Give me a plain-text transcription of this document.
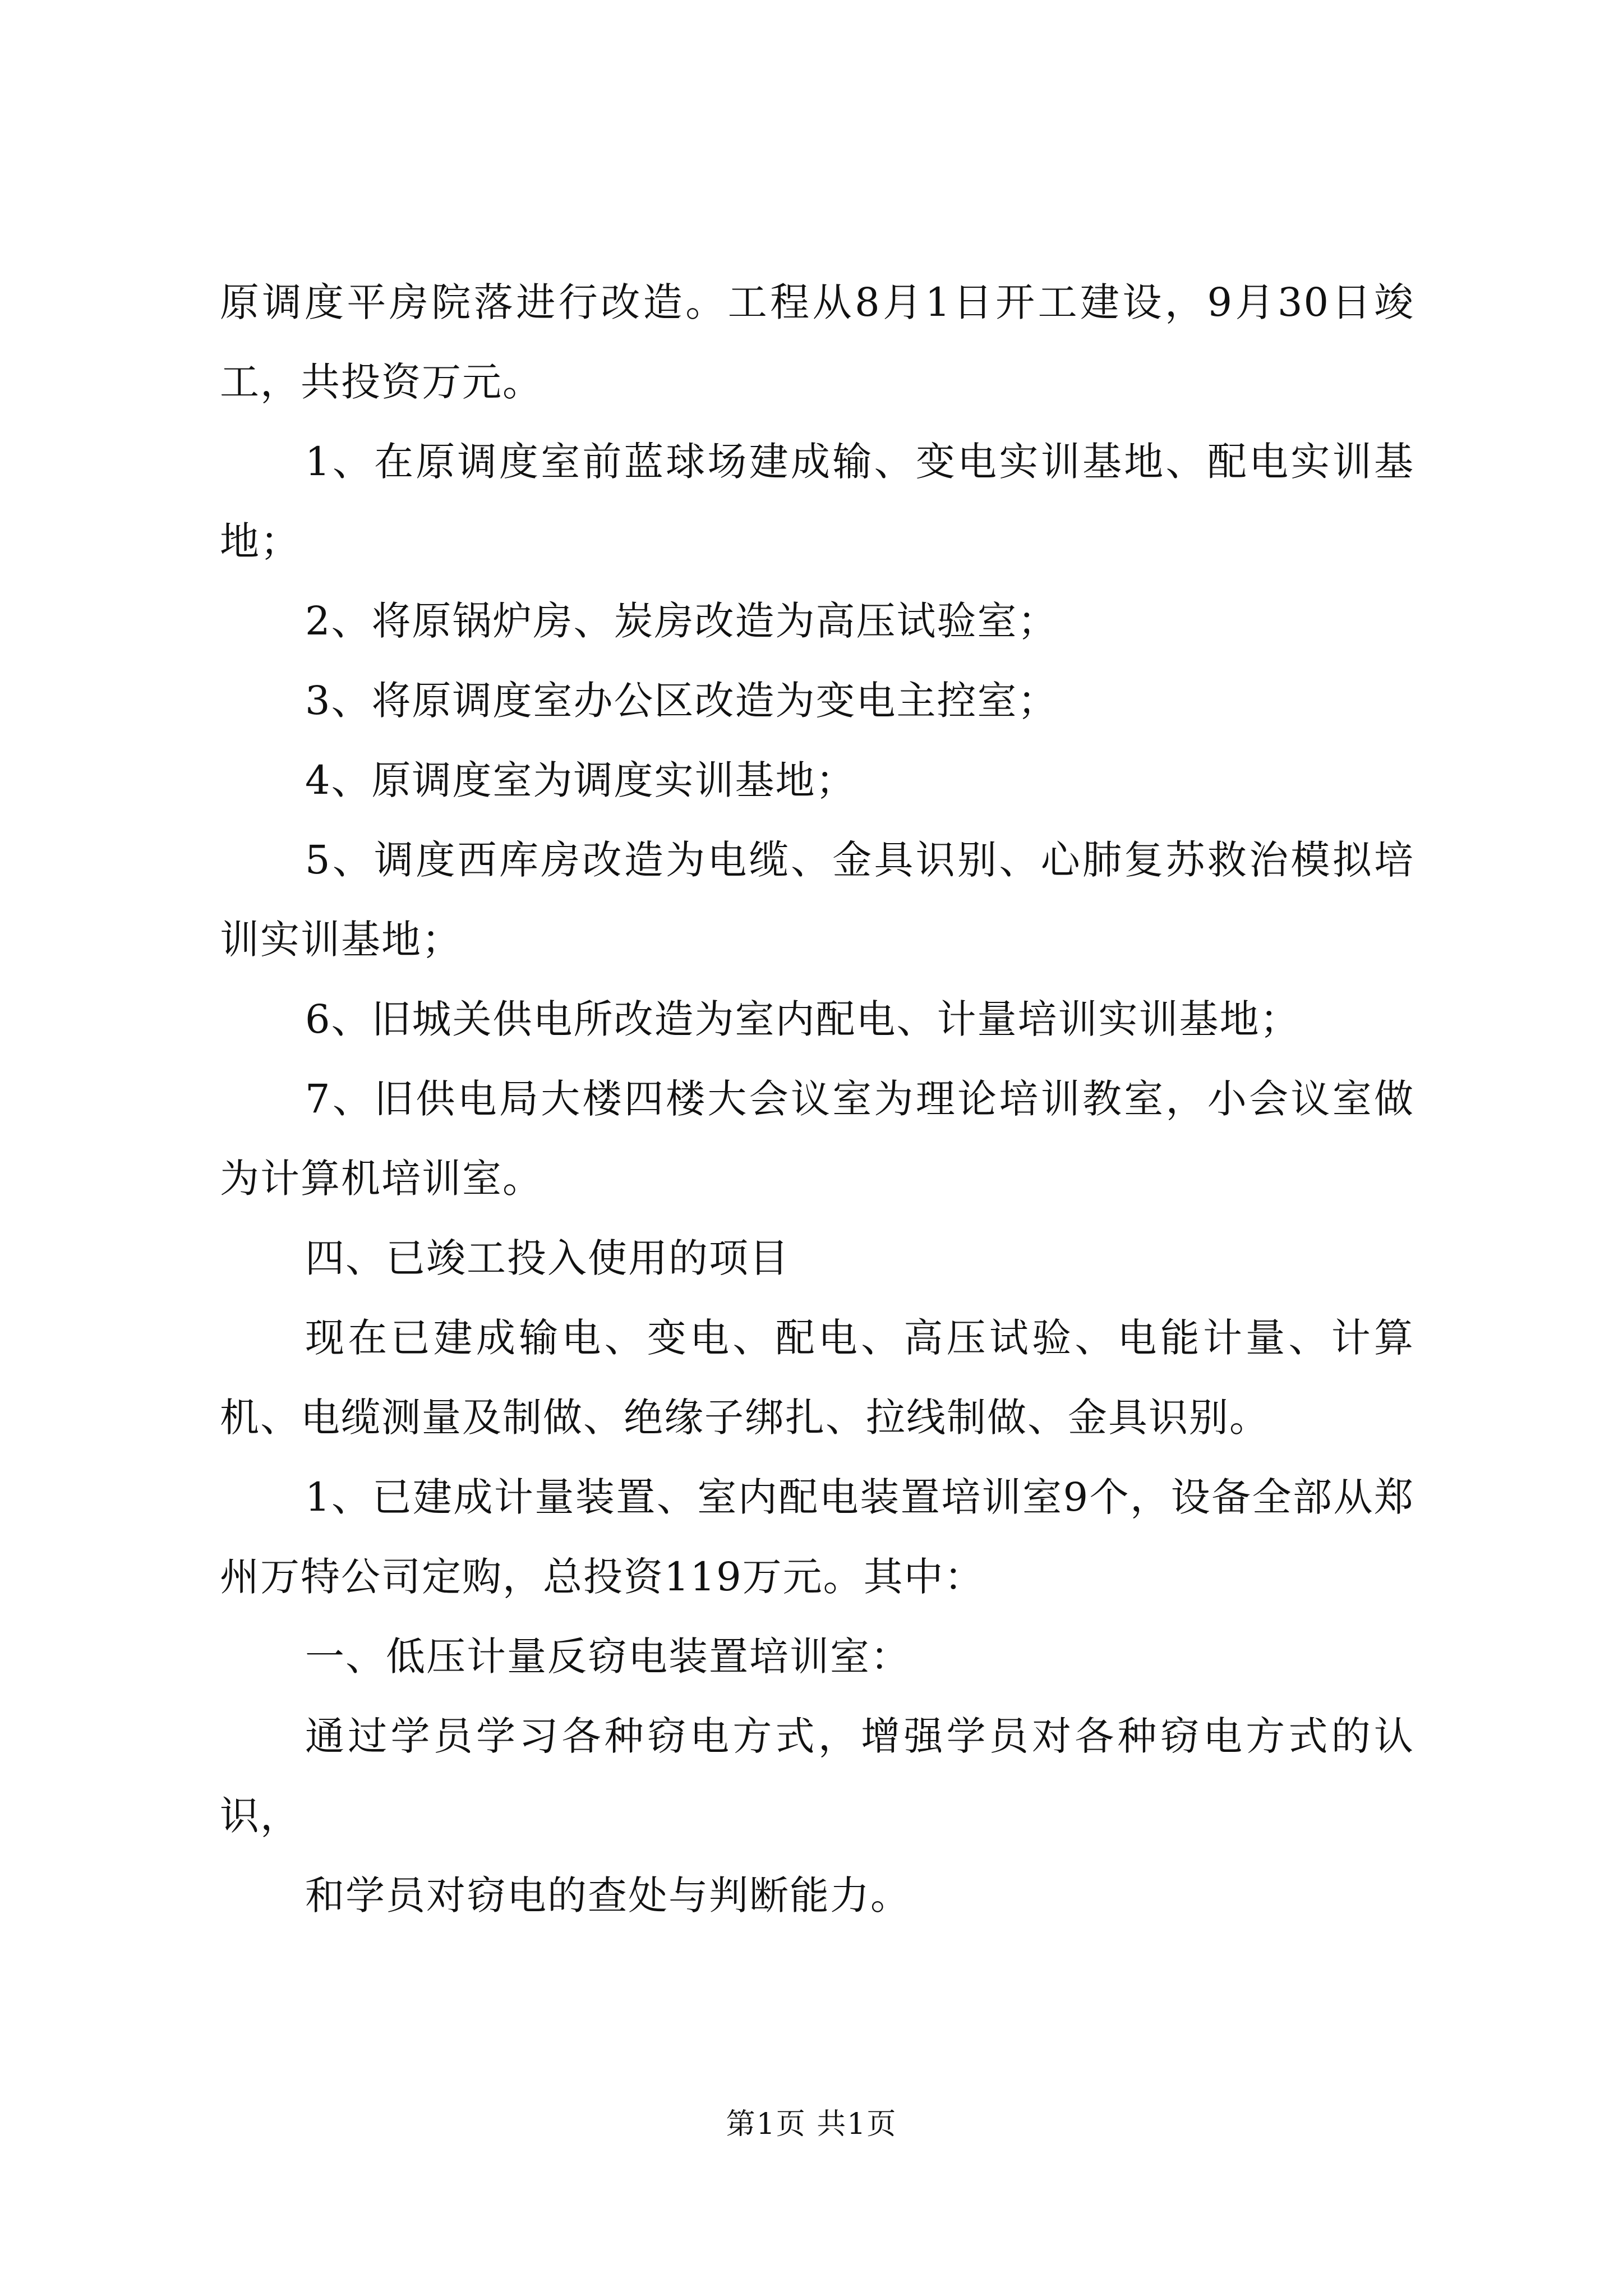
原调度平房院落进行改造。工程从8月1日开工建设，9月30日竣工，共投资万元。

1、在原调度室前蓝球场建成输、变电实训基地、配电实训基地；

2、将原锅炉房、炭房改造为高压试验室；

3、将原调度室办公区改造为变电主控室；

4、原调度室为调度实训基地；

5、调度西库房改造为电缆、金具识别、心肺复苏救治模拟培训实训基地；

6、旧城关供电所改造为室内配电、计量培训实训基地；

7、旧供电局大楼四楼大会议室为理论培训教室，小会议室做为计算机培训室。

四、已竣工投入使用的项目

现在已建成输电、变电、配电、高压试验、电能计量、计算机、电缆测量及制做、绝缘子绑扎、拉线制做、金具识别。

1、已建成计量装置、室内配电装置培训室9个，设备全部从郑州万特公司定购，总投资119万元。其中：

一、低压计量反窃电装置培训室：

通过学员学习各种窃电方式，增强学员对各种窃电方式的认识，

和学员对窃电的查处与判断能力。

第1页 共1页
